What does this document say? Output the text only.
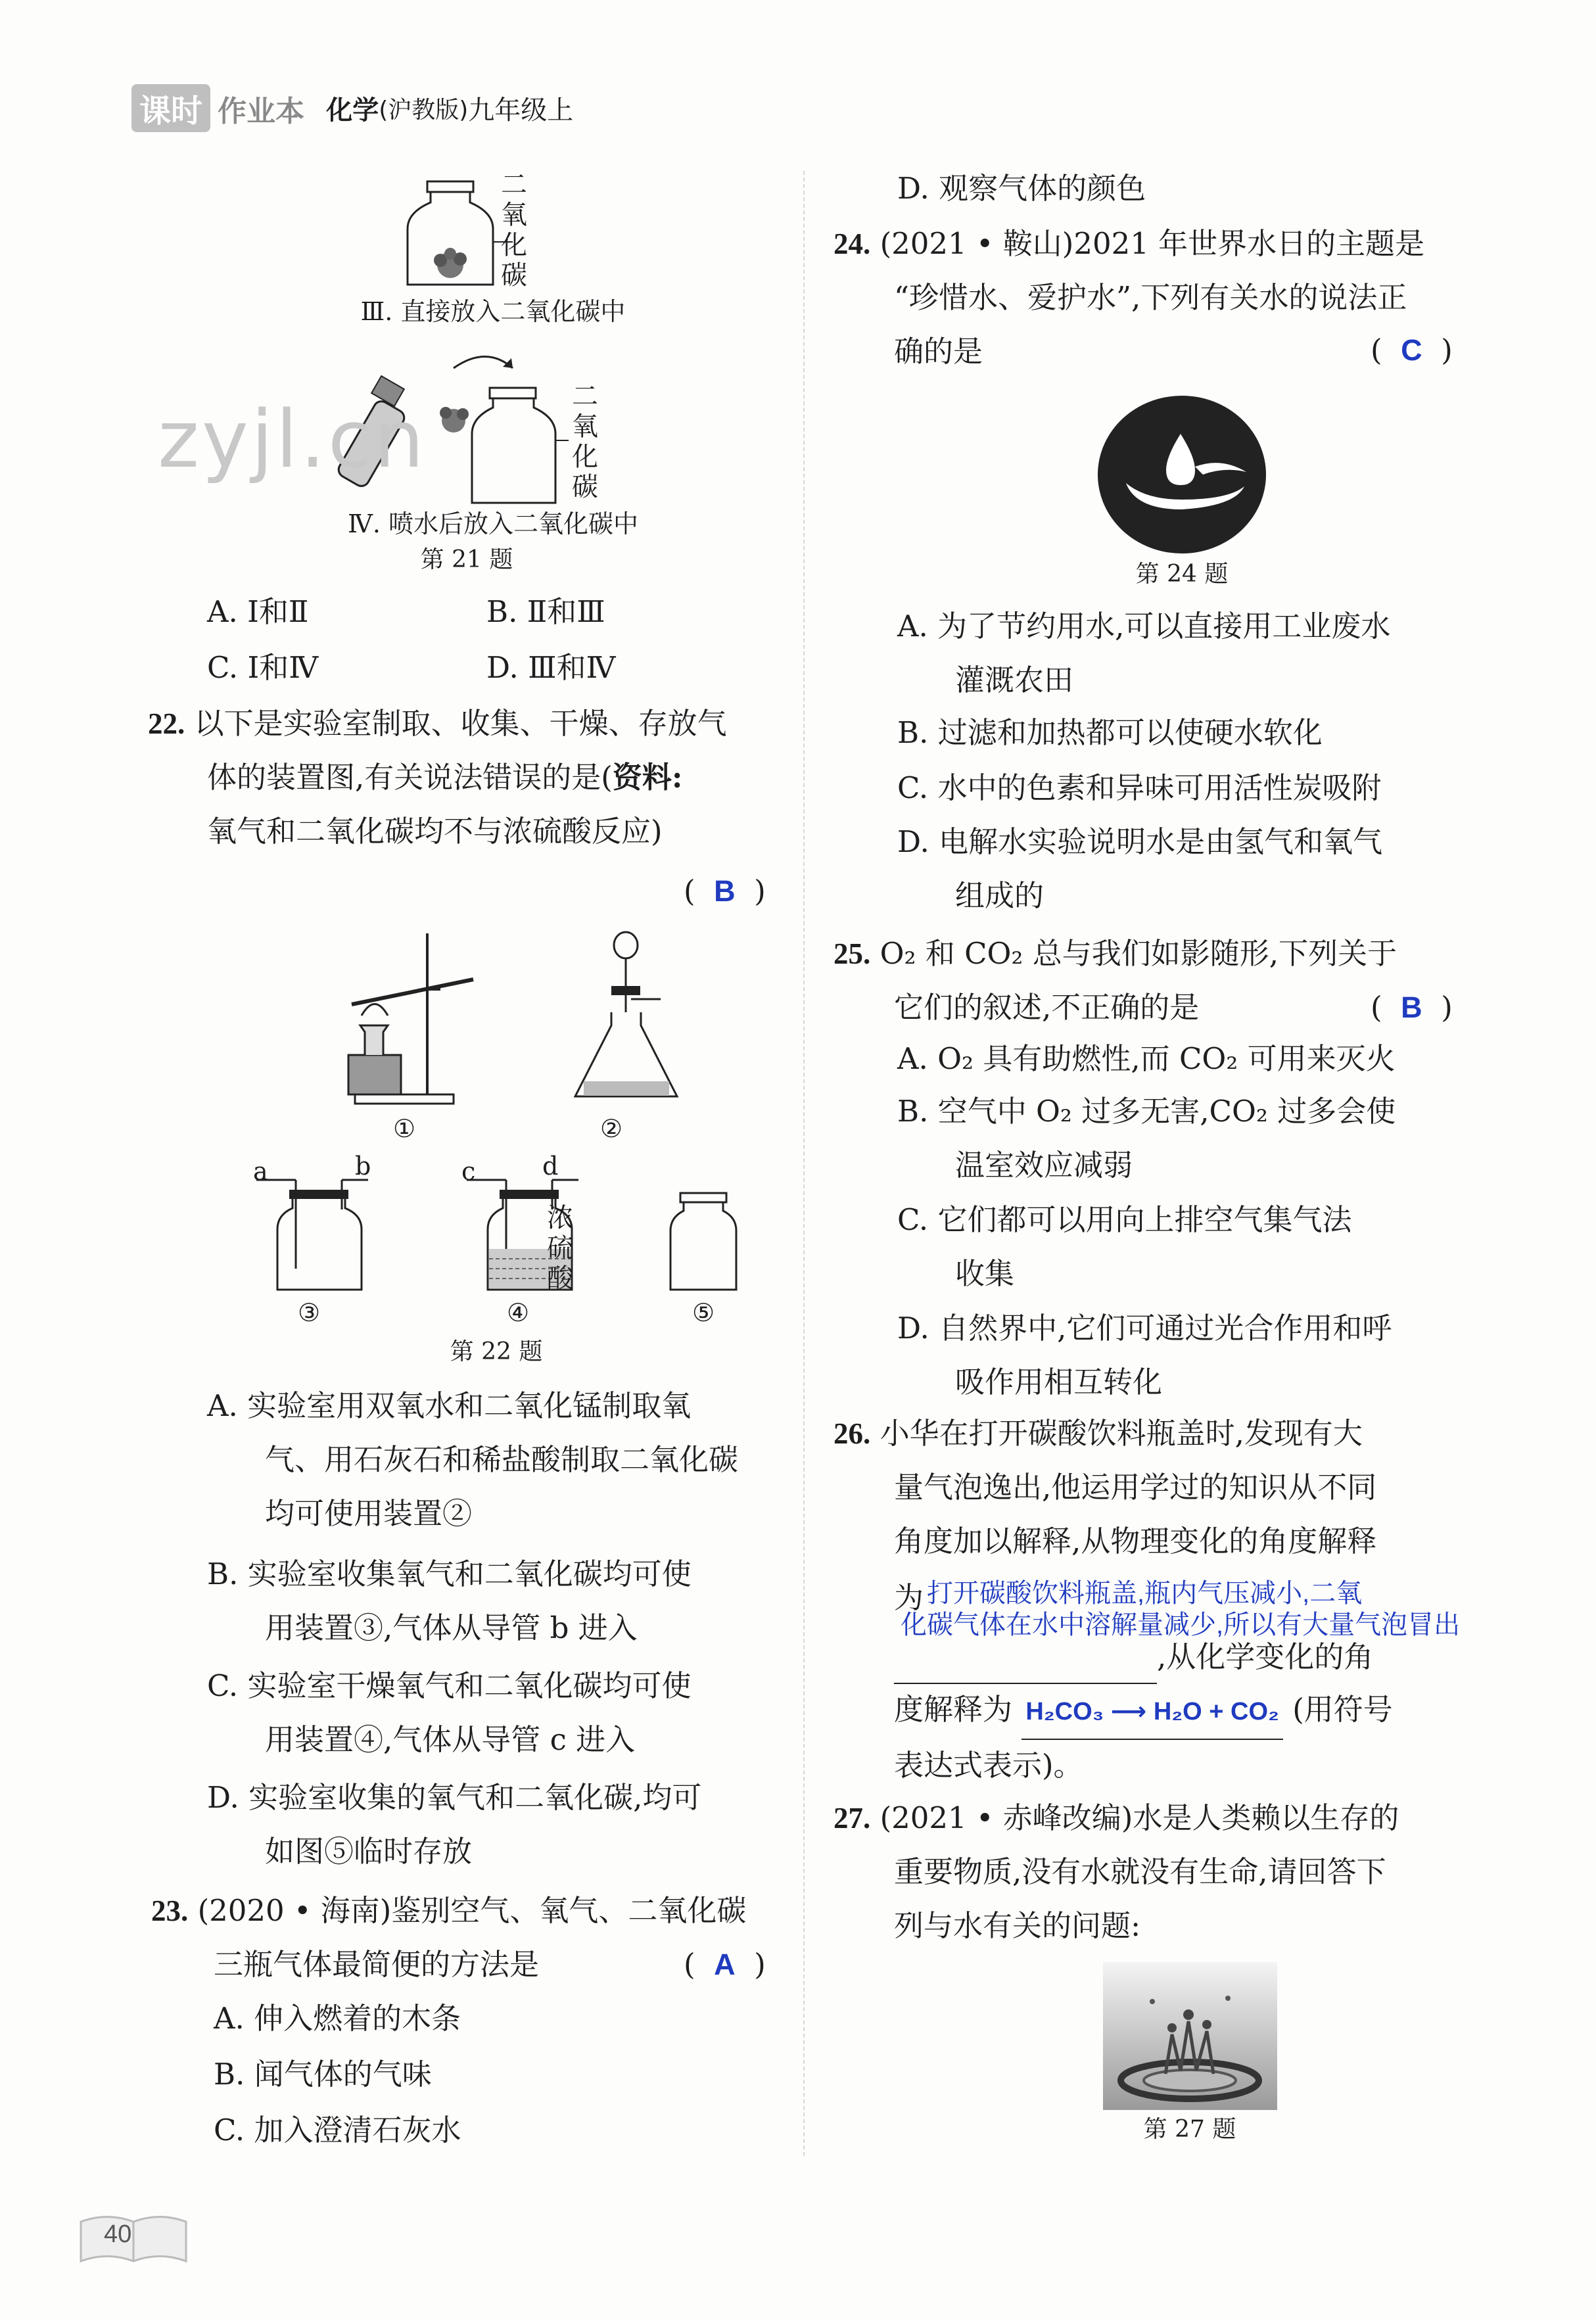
课时 作业本 化学(沪教版)九年级上
二氧化碳
Ⅲ. 直接放入二氧化碳中
二氧化碳
zyjl.cn
Ⅳ. 喷水后放入二氧化碳中
第 21 题
A. Ⅰ和Ⅱ	B. Ⅱ和Ⅲ
C. Ⅰ和Ⅳ	D. Ⅲ和Ⅳ
22. 以下是实验室制取、收集、干燥、存放气
体的装置图,有关说法错误的是(资料:
氧气和二氧化碳均不与浓硫酸反应)
(  B  )
①	②
a	b
③
c	d
浓硫酸
④	⑤
第 22 题
A. 实验室用双氧水和二氧化锰制取氧
气、用石灰石和稀盐酸制取二氧化碳
均可使用装置②
B. 实验室收集氧气和二氧化碳均可使
用装置③,气体从导管 b 进入
C. 实验室干燥氧气和二氧化碳均可使
用装置④,气体从导管 c 进入
D. 实验室收集的氧气和二氧化碳,均可
如图⑤临时存放
23. (2020 • 海南)鉴别空气、氧气、二氧化碳
三瓶气体最简便的方法是	(  A  )
A. 伸入燃着的木条
B. 闻气体的气味
C. 加入澄清石灰水
40
D. 观察气体的颜色
24. (2021 • 鞍山)2021 年世界水日的主题是
“珍惜水、爱护水”,下列有关水的说法正
确的是	(  C  )
第 24 题
A. 为了节约用水,可以直接用工业废水
灌溉农田
B. 过滤和加热都可以使硬水软化
C. 水中的色素和异味可用活性炭吸附
D. 电解水实验说明水是由氢气和氧气
组成的
25. O₂ 和 CO₂ 总与我们如影随形,下列关于
它们的叙述,不正确的是	(  B  )
A. O₂ 具有助燃性,而 CO₂ 可用来灭火
B. 空气中 O₂ 过多无害,CO₂ 过多会使
温室效应减弱
C. 它们都可以用向上排空气集气法
收集
D. 自然界中,它们可通过光合作用和呼
吸作用相互转化
26. 小华在打开碳酸饮料瓶盖时,发现有大
量气泡逸出,他运用学过的知识从不同
角度加以解释,从物理变化的角度解释
为 打开碳酸饮料瓶盖,瓶内气压减小,二氧
化碳气体在水中溶解量减少,所以有大量气泡冒出
,从化学变化的角
度解释为 H₂CO₃ ⟶ H₂O + CO₂ (用符号
表达式表示)。
27. (2021 • 赤峰改编)水是人类赖以生存的
重要物质,没有水就没有生命,请回答下
列与水有关的问题:
第 27 题
